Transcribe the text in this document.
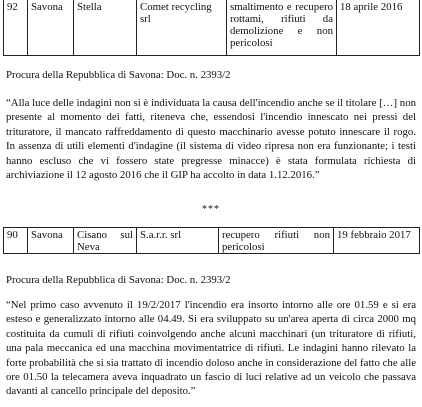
92	Savona	Stella	Comet recycling srl	smaltimento e recupero rottami, rifiuti da demolizione e non pericolosi	18 aprile 2016
Procura della Repubblica di Savona: Doc. n. 2393/2
“Alla luce delle indagini non si è individuata la causa dell'incendio anche se il titolare […] non presente al momento dei fatti, riteneva che, essendosi l'incendio innescato nei pressi del trituratore, il mancato raffreddamento di questo macchinario avesse potuto innescare il rogo. In assenza di utili elementi d'indagine (il sistema di video ripresa non era funzionante; i testi hanno escluso che vi fossero state pregresse minacce) è stata formulata richiesta di archiviazione il 12 agosto 2016 che il GIP ha accolto in data 1.12.2016.”
***
90	Savona	Cisano sul Neva	S.a.r.r. srl	recupero rifiuti non pericolosi	19 febbraio 2017
Procura della Repubblica di Savona: Doc. n. 2393/2
“Nel primo caso avvenuto il 19/2/2017 l'incendio era insorto intorno alle ore 01.59 e si era esteso e generalizzato intorno alle 04.49. Si era sviluppato su un'area aperta di circa 2000 mq costituita da cumuli di rifiuti coinvolgendo anche alcuni macchinari (un trituratore di rifiuti, una pala meccanica ed una macchina movimentatrice di rifiuti. Le indagini hanno rilevato la forte probabilità che si sia trattato di incendio doloso anche in considerazione del fatto che alle ore 01.50 la telecamera aveva inquadrato un fascio di luci relative ad un veicolo che passava davanti al cancello principale del deposito.”
